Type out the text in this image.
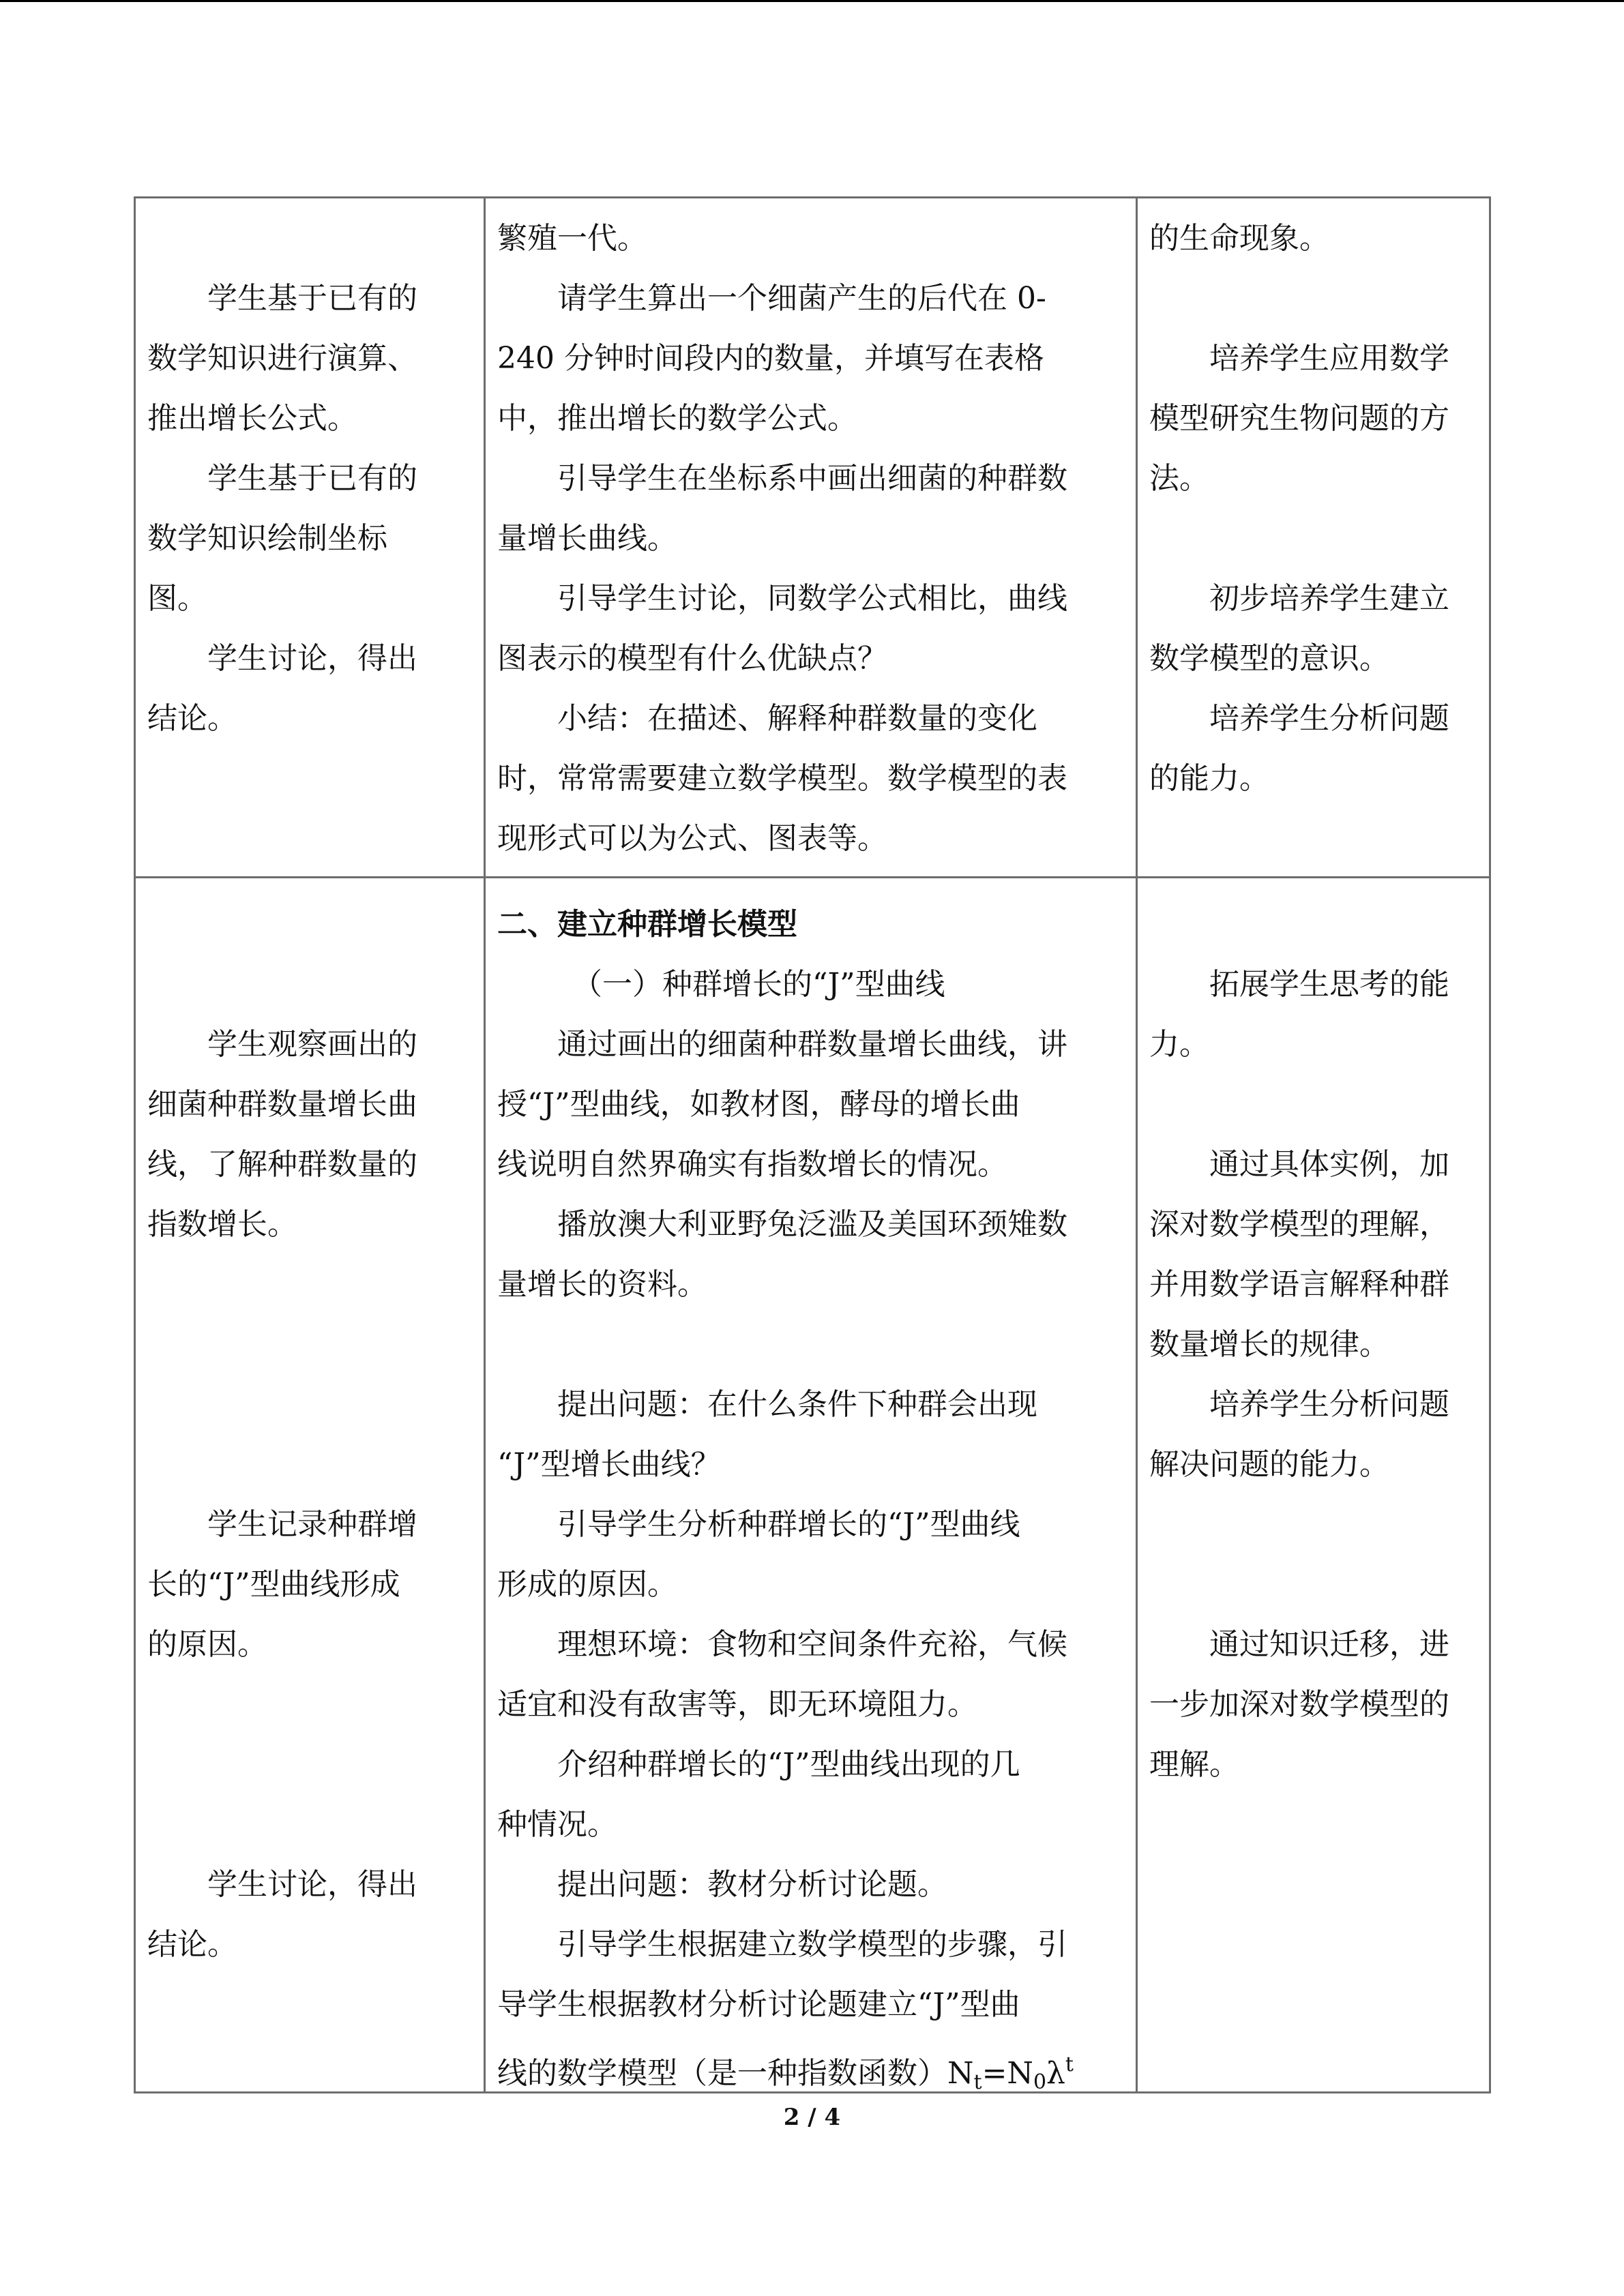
学生基于已有的
数学知识进行演算、
推出增长公式。
学生基于已有的
数学知识绘制坐标
图。
学生讨论，得出
结论。
繁殖一代。
请学生算出一个细菌产生的后代在 0-
240 分钟时间段内的数量，并填写在表格
中，推出增长的数学公式。
引导学生在坐标系中画出细菌的种群数
量增长曲线。
引导学生讨论，同数学公式相比，曲线
图表示的模型有什么优缺点？
小结：在描述、解释种群数量的变化
时，常常需要建立数学模型。数学模型的表
现形式可以为公式、图表等。
的生命现象。
培养学生应用数学
模型研究生物问题的方
法。
初步培养学生建立
数学模型的意识。
培养学生分析问题
的能力。
学生观察画出的
细菌种群数量增长曲
线，了解种群数量的
指数增长。
学生记录种群增
长的“J”型曲线形成
的原因。
学生讨论，得出
结论。
二、建立种群增长模型
（一）种群增长的“J”型曲线
通过画出的细菌种群数量增长曲线，讲
授“J”型曲线，如教材图，酵母的增长曲
线说明自然界确实有指数增长的情况。
播放澳大利亚野兔泛滥及美国环颈雉数
量增长的资料。
提出问题：在什么条件下种群会出现
“J”型增长曲线？
引导学生分析种群增长的“J”型曲线
形成的原因。
理想环境：食物和空间条件充裕，气候
适宜和没有敌害等，即无环境阻力。
介绍种群增长的“J”型曲线出现的几
种情况。
提出问题：教材分析讨论题。
引导学生根据建立数学模型的步骤，引
导学生根据教材分析讨论题建立“J”型曲
线的数学模型（是一种指数函数）$N_t=N_0\lambda^t$
拓展学生思考的能
力。
通过具体实例，加
深对数学模型的理解，
并用数学语言解释种群
数量增长的规律。
培养学生分析问题
解决问题的能力。
通过知识迁移，进
一步加深对数学模型的
理解。
2 / 4
